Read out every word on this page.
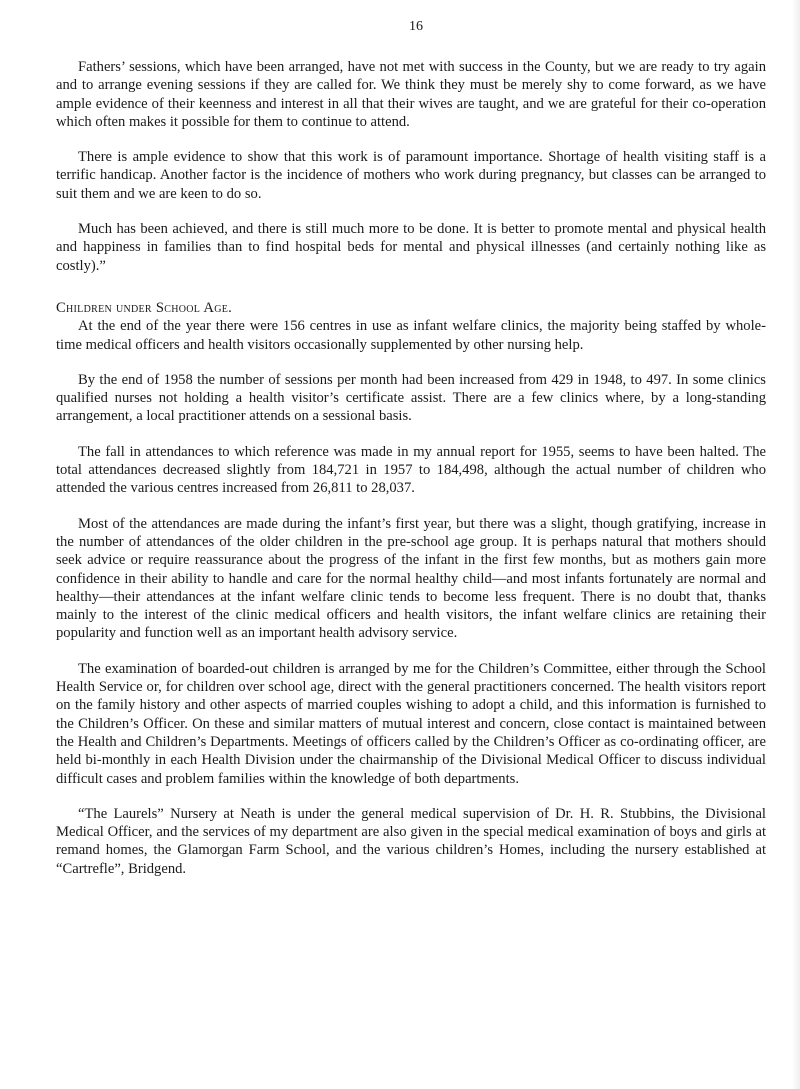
16

Fathers’ sessions, which have been arranged, have not met with success in the County, but we are ready to try again and to arrange evening sessions if they are called for. We think they must be merely shy to come forward, as we have ample evidence of their keenness and interest in all that their wives are taught, and we are grateful for their co-operation which often makes it possible for them to continue to attend.

There is ample evidence to show that this work is of paramount importance. Shortage of health visiting staff is a terrific handicap. Another factor is the incidence of mothers who work during pregnancy, but classes can be arranged to suit them and we are keen to do so.

Much has been achieved, and there is still much more to be done. It is better to promote mental and physical health and happiness in families than to find hospital beds for mental and physical illnesses (and certainly nothing like as costly).”

Children under School Age.

At the end of the year there were 156 centres in use as infant welfare clinics, the majority being staffed by whole-time medical officers and health visitors occasionally supplemented by other nursing help.

By the end of 1958 the number of sessions per month had been increased from 429 in 1948, to 497. In some clinics qualified nurses not holding a health visitor’s certificate assist. There are a few clinics where, by a long-standing arrangement, a local practitioner attends on a sessional basis.

The fall in attendances to which reference was made in my annual report for 1955, seems to have been halted. The total attendances decreased slightly from 184,721 in 1957 to 184,498, although the actual number of children who attended the various centres increased from 26,811 to 28,037.

Most of the attendances are made during the infant’s first year, but there was a slight, though gratifying, increase in the number of attendances of the older children in the pre-school age group. It is perhaps natural that mothers should seek advice or require reassurance about the progress of the infant in the first few months, but as mothers gain more confidence in their ability to handle and care for the normal healthy child—and most infants fortunately are normal and healthy—their attendances at the infant welfare clinic tends to become less frequent. There is no doubt that, thanks mainly to the interest of the clinic medical officers and health visitors, the infant welfare clinics are retaining their popularity and function well as an important health advisory service.

The examination of boarded-out children is arranged by me for the Children’s Committee, either through the School Health Service or, for children over school age, direct with the general practitioners concerned. The health visitors report on the family history and other aspects of married couples wishing to adopt a child, and this information is furnished to the Children’s Officer. On these and similar matters of mutual interest and concern, close contact is maintained between the Health and Children’s Departments. Meetings of officers called by the Children’s Officer as co-ordinating officer, are held bi-monthly in each Health Division under the chairmanship of the Divisional Medical Officer to discuss individual difficult cases and problem families within the knowledge of both departments.

“The Laurels” Nursery at Neath is under the general medical supervision of Dr. H. R. Stubbins, the Divisional Medical Officer, and the services of my department are also given in the special medical examination of boys and girls at remand homes, the Glamorgan Farm School, and the various children’s Homes, including the nursery established at “Cartrefle”, Bridgend.
